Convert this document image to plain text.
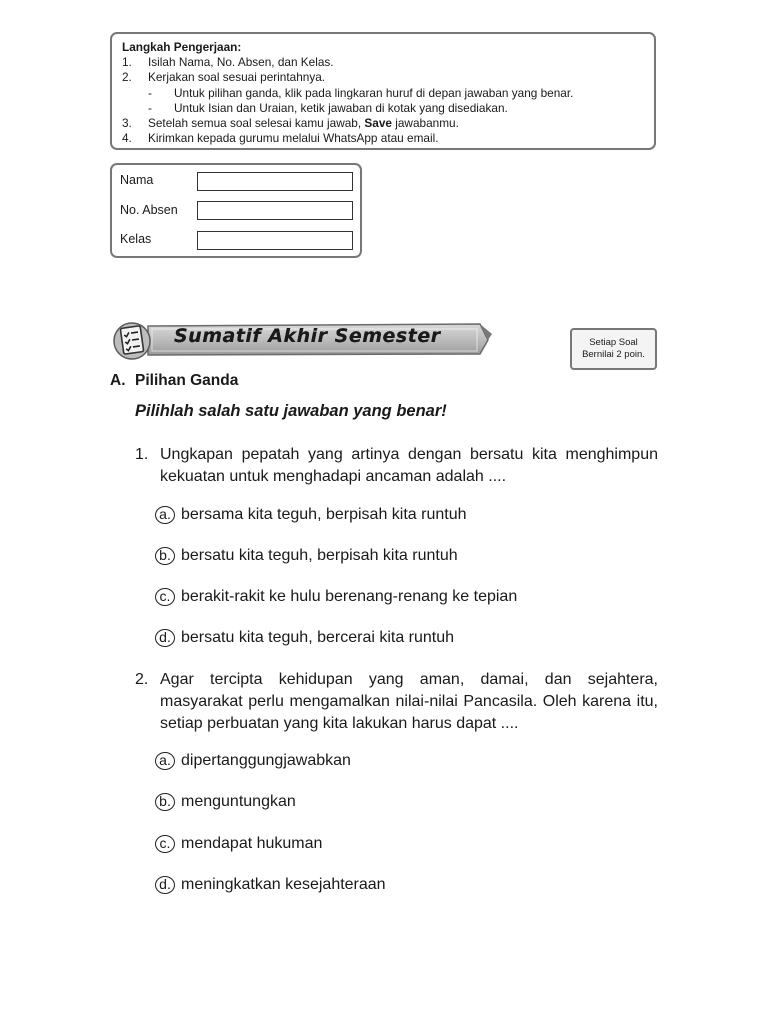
Langkah Pengerjaan:
1.	Isilah Nama, No. Absen, dan Kelas.
2.	Kerjakan soal sesuai perintahnya.
-	Untuk pilihan ganda, klik pada lingkaran huruf di depan jawaban yang benar.
-	Untuk Isian dan Uraian, ketik jawaban di kotak yang disediakan.
3.	Setelah semua soal selesai kamu jawab, Save jawabanmu.
4.	Kirimkan kepada gurumu melalui WhatsApp atau email.
Nama
No. Absen
Kelas
Sumatif Akhir Semester	Setiap Soal
Bernilai 2 poin.
A. Pilihan Ganda
Pilihlah salah satu jawaban yang benar!
1. Ungkapan pepatah yang artinya dengan bersatu kita menghimpun kekuatan untuk menghadapi ancaman adalah ....
a. bersama kita teguh, berpisah kita runtuh
b. bersatu kita teguh, berpisah kita runtuh
c. berakit-rakit ke hulu berenang-renang ke tepian
d. bersatu kita teguh, bercerai kita runtuh
2. Agar tercipta kehidupan yang aman, damai, dan sejahtera, masyarakat perlu mengamalkan nilai-nilai Pancasila. Oleh karena itu, setiap perbuatan yang kita lakukan harus dapat ....
a. dipertanggungjawabkan
b. menguntungkan
c. mendapat hukuman
d. meningkatkan kesejahteraan
